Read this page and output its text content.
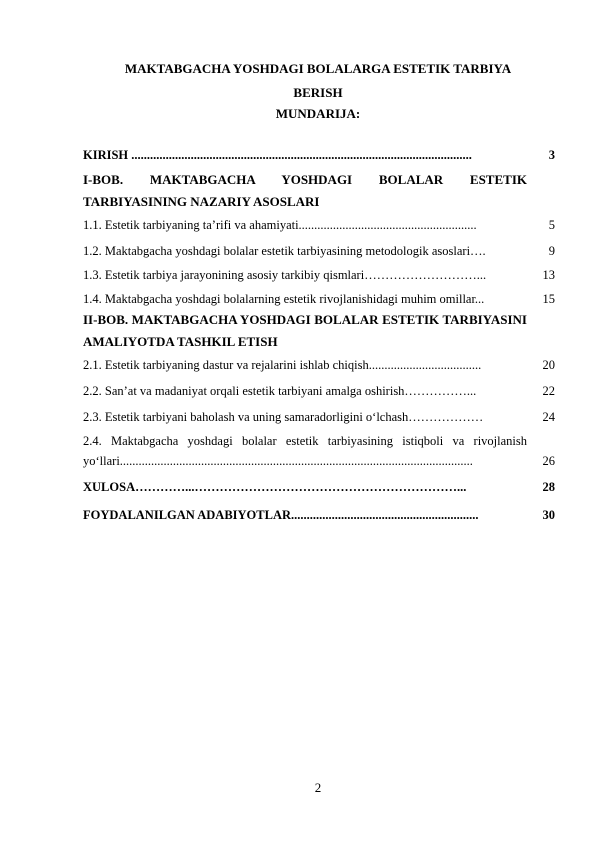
MAKTABGACHA YOSHDAGI BOLALARGA ESTETIK TARBIYA
BERISH
MUNDARIJA:
KIRISH .............................................................................................................	3
I-BOB. MAKTABGACHA YOSHDAGI BOLALAR ESTETIK TARBIYASINING NAZARIY ASOSLARI
1.1. Estetik tarbiyaning ta’rifi va ahamiyati.........................................................	5
1.2. Maktabgacha yoshdagi bolalar estetik tarbiyasining metodologik asoslari….	9
1.3. Estetik tarbiya jarayonining asosiy tarkibiy qismlari………………………...	13
1.4. Maktabgacha yoshdagi bolalarning estetik rivojlanishidagi muhim omillar...	15
II-BOB. MAKTABGACHA YOSHDAGI BOLALAR ESTETIK TARBIYASINI AMALIYOTDA TASHKIL ETISH
2.1. Estetik tarbiyaning dastur va rejalarini ishlab chiqish....................................	20
2.2. San’at va madaniyat orqali estetik tarbiyani amalga oshirish……………...	22
2.3. Estetik tarbiyani baholash va uning samaradorligini o‘lchash………………	24
2.4. Maktabgacha yoshdagi bolalar estetik tarbiyasining istiqboli va rivojlanish yo‘llari.................................................................................................................	26
XULOSA…………...………………………………………………………...	28
FOYDALANILGAN ADABIYOTLAR............................................................	30
2
